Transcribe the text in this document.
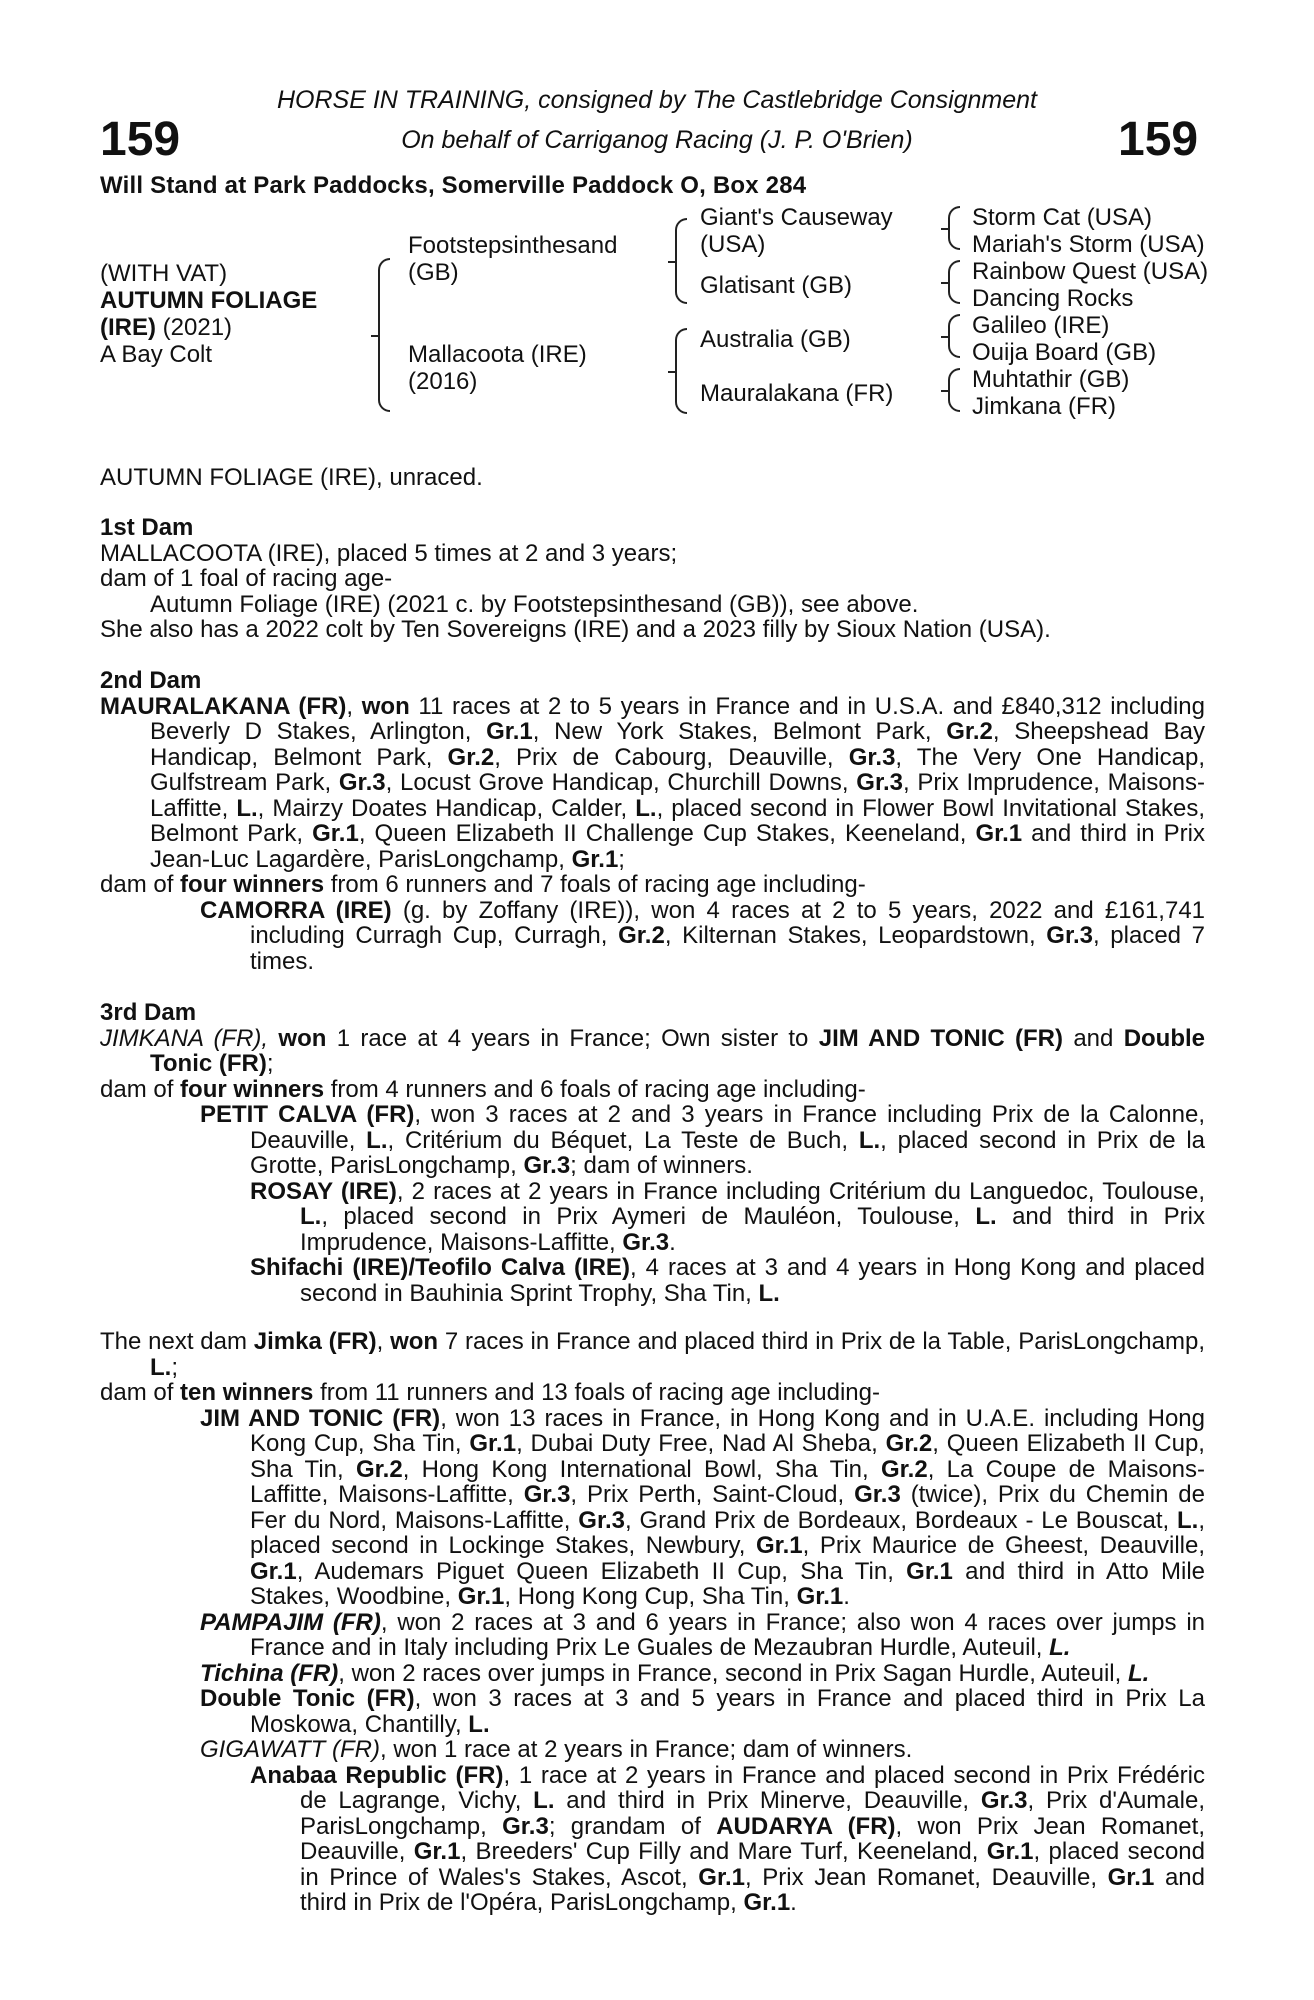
159	159
HORSE IN TRAINING, consigned by The Castlebridge Consignment
On behalf of Carriganog Racing (J. P. O'Brien)
Will Stand at Park Paddocks, Somerville Paddock O, Box 284
(WITH VAT)
AUTUMN FOLIAGE
(IRE) (2021)
A Bay Colt
Footstepsinthesand
(GB)
Mallacoota (IRE)
(2016)
Giant's Causeway
(USA)
Glatisant (GB)
Australia (GB)
Mauralakana (FR)
Storm Cat (USA)
Mariah's Storm (USA)
Rainbow Quest (USA)
Dancing Rocks
Galileo (IRE)
Ouija Board (GB)
Muhtathir (GB)
Jimkana (FR)
AUTUMN FOLIAGE (IRE), unraced.
1st Dam
MALLACOOTA (IRE), placed 5 times at 2 and 3 years;
dam of 1 foal of racing age-
Autumn Foliage (IRE) (2021 c. by Footstepsinthesand (GB)), see above.
She also has a 2022 colt by Ten Sovereigns (IRE) and a 2023 filly by Sioux Nation (USA).
2nd Dam
MAURALAKANA (FR), won 11 races at 2 to 5 years in France and in U.S.A. and £840,312 including Beverly D Stakes, Arlington, Gr.1, New York Stakes, Belmont Park, Gr.2, Sheepshead Bay Handicap, Belmont Park, Gr.2, Prix de Cabourg, Deauville, Gr.3, The Very One Handicap, Gulfstream Park, Gr.3, Locust Grove Handicap, Churchill Downs, Gr.3, Prix Imprudence, Maisons-Laffitte, L., Mairzy Doates Handicap, Calder, L., placed second in Flower Bowl Invitational Stakes, Belmont Park, Gr.1, Queen Elizabeth II Challenge Cup Stakes, Keeneland, Gr.1 and third in Prix Jean-Luc Lagardère, ParisLongchamp, Gr.1;
dam of four winners from 6 runners and 7 foals of racing age including-
CAMORRA (IRE) (g. by Zoffany (IRE)), won 4 races at 2 to 5 years, 2022 and £161,741 including Curragh Cup, Curragh, Gr.2, Kilternan Stakes, Leopardstown, Gr.3, placed 7 times.
3rd Dam
JIMKANA (FR), won 1 race at 4 years in France; Own sister to JIM AND TONIC (FR) and Double Tonic (FR);
dam of four winners from 4 runners and 6 foals of racing age including-
PETIT CALVA (FR), won 3 races at 2 and 3 years in France including Prix de la Calonne, Deauville, L., Critérium du Béquet, La Teste de Buch, L., placed second in Prix de la Grotte, ParisLongchamp, Gr.3; dam of winners.
ROSAY (IRE), 2 races at 2 years in France including Critérium du Languedoc, Toulouse, L., placed second in Prix Aymeri de Mauléon, Toulouse, L. and third in Prix Imprudence, Maisons-Laffitte, Gr.3.
Shifachi (IRE)/Teofilo Calva (IRE), 4 races at 3 and 4 years in Hong Kong and placed second in Bauhinia Sprint Trophy, Sha Tin, L.
The next dam Jimka (FR), won 7 races in France and placed third in Prix de la Table, ParisLongchamp, L.;
dam of ten winners from 11 runners and 13 foals of racing age including-
JIM AND TONIC (FR), won 13 races in France, in Hong Kong and in U.A.E. including Hong Kong Cup, Sha Tin, Gr.1, Dubai Duty Free, Nad Al Sheba, Gr.2, Queen Elizabeth II Cup, Sha Tin, Gr.2, Hong Kong International Bowl, Sha Tin, Gr.2, La Coupe de Maisons-Laffitte, Maisons-Laffitte, Gr.3, Prix Perth, Saint-Cloud, Gr.3 (twice), Prix du Chemin de Fer du Nord, Maisons-Laffitte, Gr.3, Grand Prix de Bordeaux, Bordeaux - Le Bouscat, L., placed second in Lockinge Stakes, Newbury, Gr.1, Prix Maurice de Gheest, Deauville, Gr.1, Audemars Piguet Queen Elizabeth II Cup, Sha Tin, Gr.1 and third in Atto Mile Stakes, Woodbine, Gr.1, Hong Kong Cup, Sha Tin, Gr.1.
PAMPAJIM (FR), won 2 races at 3 and 6 years in France; also won 4 races over jumps in France and in Italy including Prix Le Guales de Mezaubran Hurdle, Auteuil, L.
Tichina (FR), won 2 races over jumps in France, second in Prix Sagan Hurdle, Auteuil, L.
Double Tonic (FR), won 3 races at 3 and 5 years in France and placed third in Prix La Moskowa, Chantilly, L.
GIGAWATT (FR), won 1 race at 2 years in France; dam of winners.
Anabaa Republic (FR), 1 race at 2 years in France and placed second in Prix Frédéric de Lagrange, Vichy, L. and third in Prix Minerve, Deauville, Gr.3, Prix d'Aumale, ParisLongchamp, Gr.3; grandam of AUDARYA (FR), won Prix Jean Romanet, Deauville, Gr.1, Breeders' Cup Filly and Mare Turf, Keeneland, Gr.1, placed second in Prince of Wales's Stakes, Ascot, Gr.1, Prix Jean Romanet, Deauville, Gr.1 and third in Prix de l'Opéra, ParisLongchamp, Gr.1.
